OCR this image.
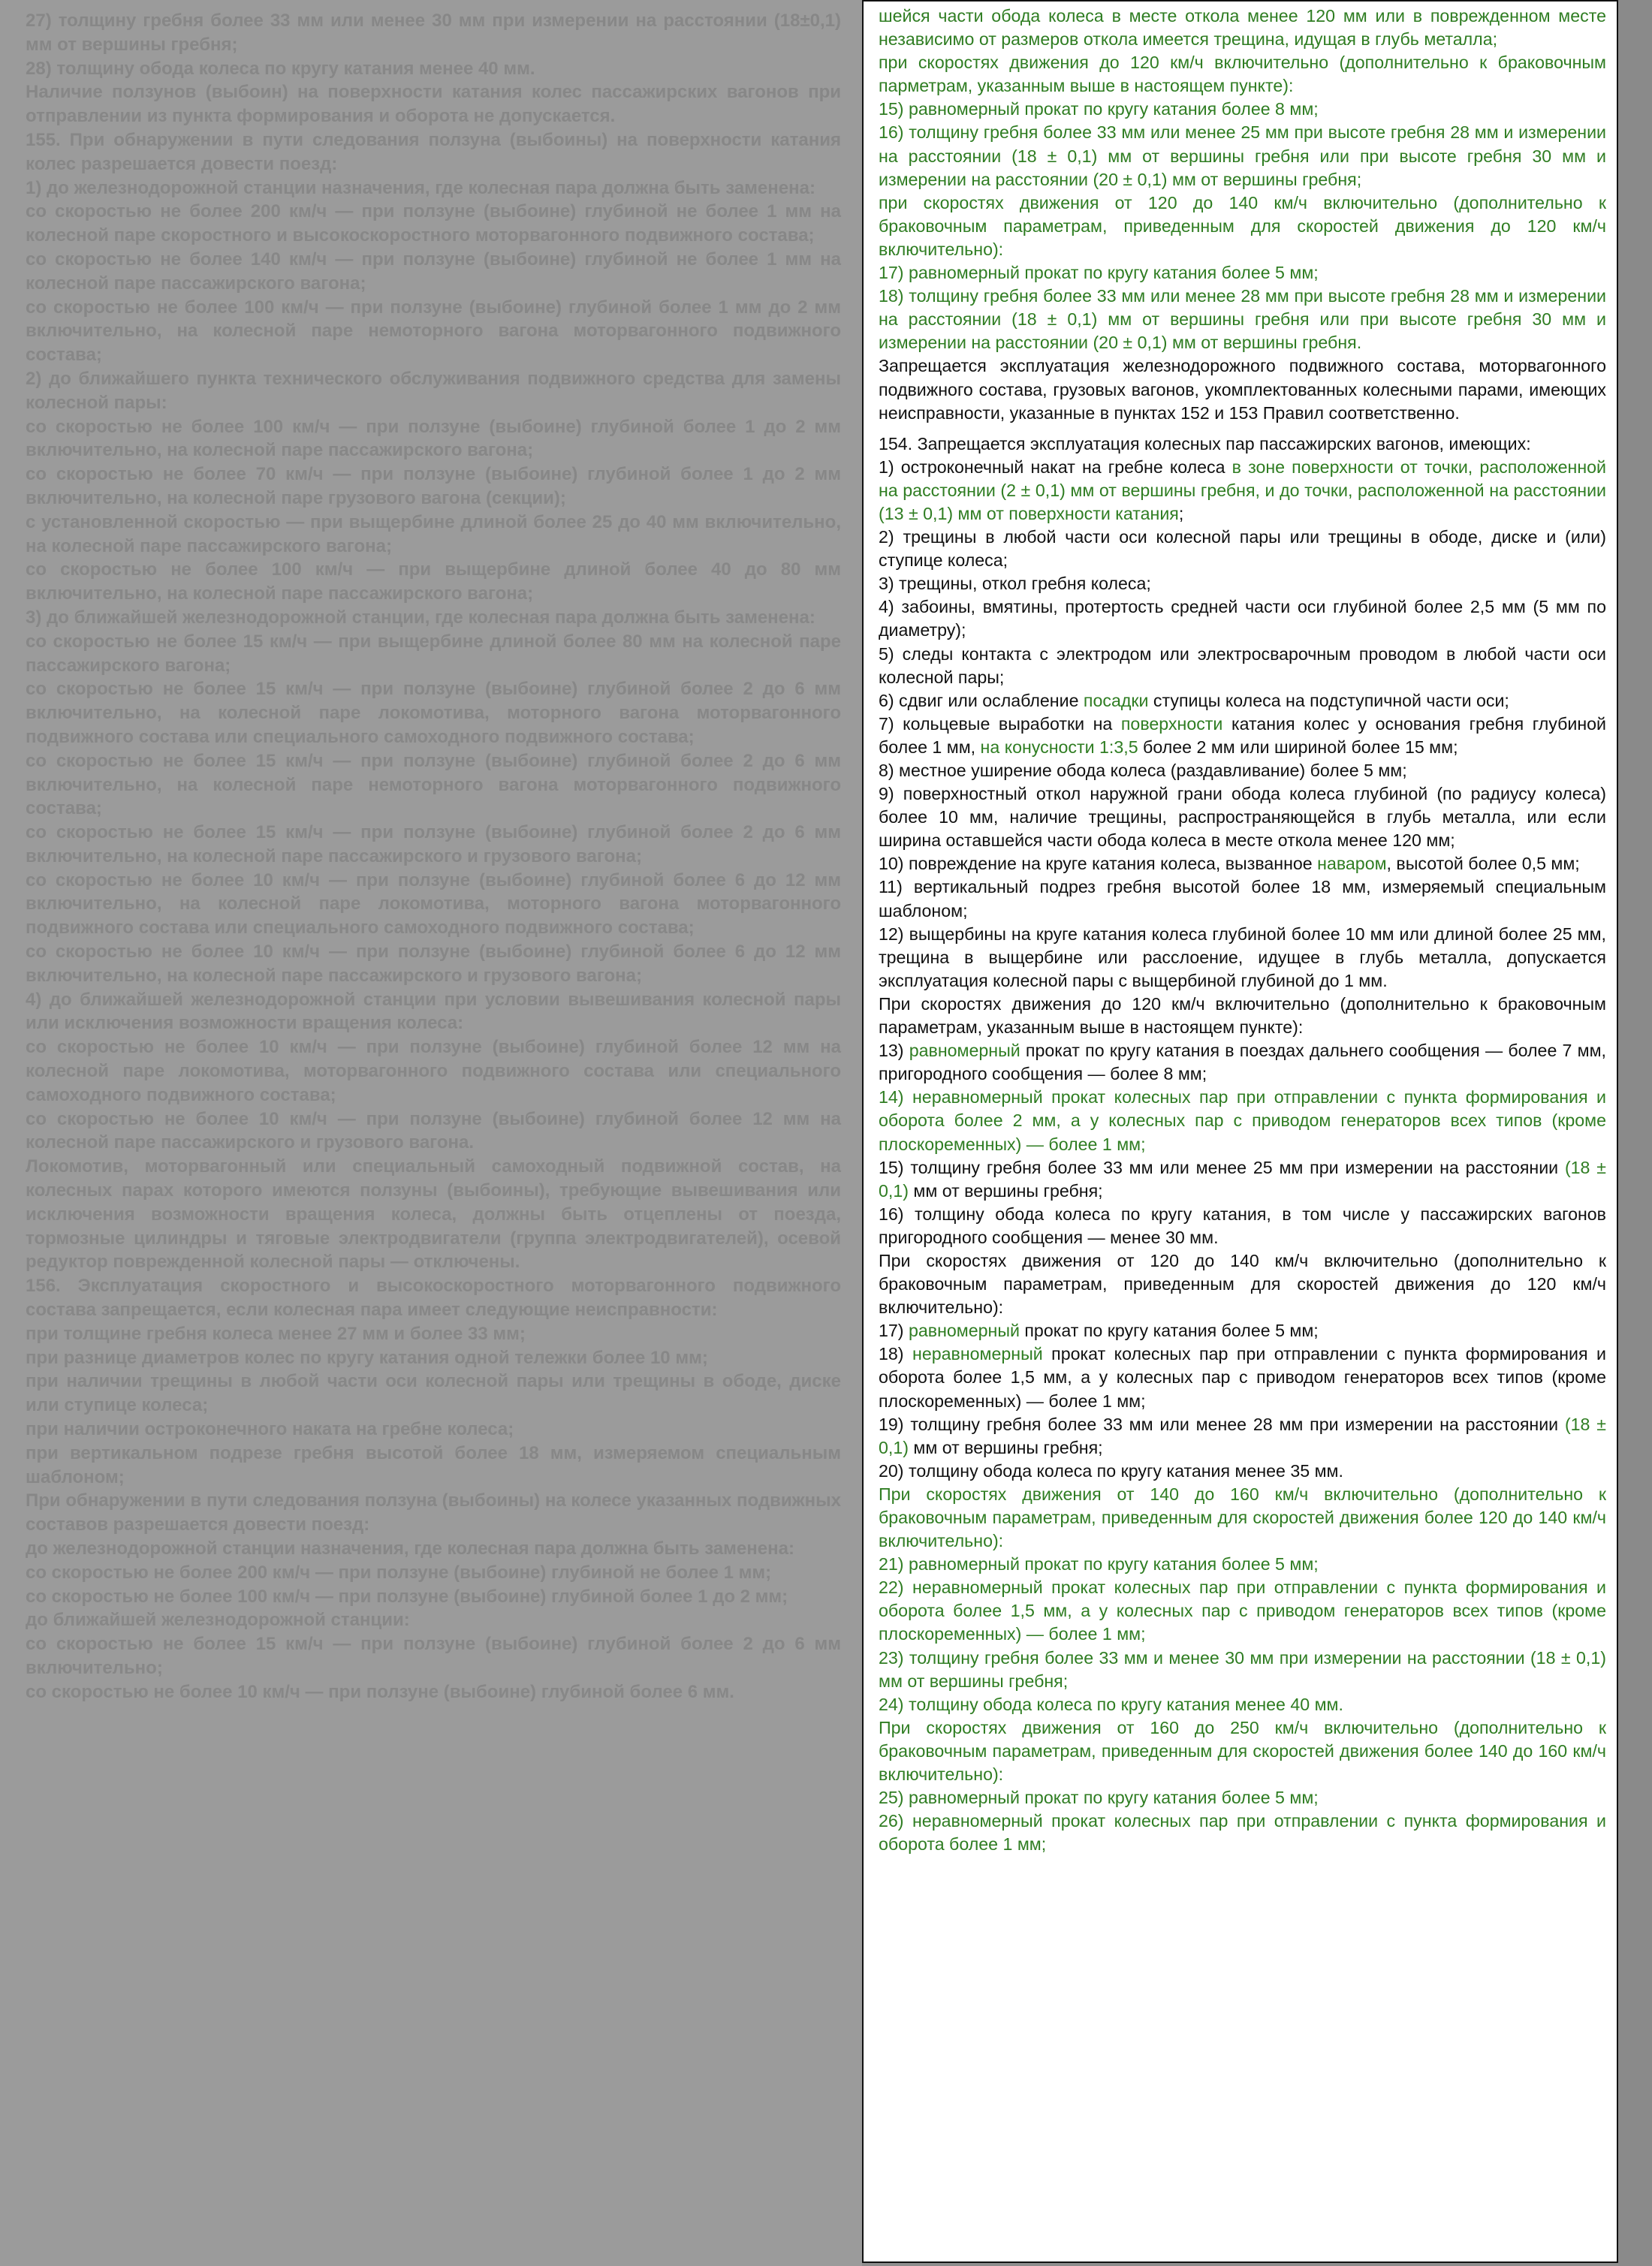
27) толщину гребня более 33 мм или менее 30 мм при измерении на расстоянии (18±0,1) мм от вершины гребня;

28) толщину обода колеса по кругу катания менее 40 мм.

Наличие ползунов (выбоин) на поверхности катания колес пассажирских вагонов при отправлении из пункта формирования и оборота не допускается.

155. При обнаружении в пути следования ползуна (выбоины) на поверхности катания колес разрешается довести поезд:

1) до железнодорожной станции назначения, где колесная пара должна быть заменена:

со скоростью не более 200 км/ч — при ползуне (выбоине) глубиной не более 1 мм на колесной паре скоростного и высокоскоростного моторвагонного подвижного состава;

со скоростью не более 140 км/ч — при ползуне (выбоине) глубиной не более 1 мм на колесной паре пассажирского вагона;

со скоростью не более 100 км/ч — при ползуне (выбоине) глубиной более 1 мм до 2 мм включительно, на колесной паре немоторного вагона моторвагонного подвижного состава;

2) до ближайшего пункта технического обслуживания подвижного средства для замены колесной пары:

со скоростью не более 100 км/ч — при ползуне (выбоине) глубиной более 1 до 2 мм включительно, на колесной паре пассажирского вагона;

со скоростью не более 70 км/ч — при ползуне (выбоине) глубиной более 1 до 2 мм включительно, на колесной паре грузового вагона (секции);

с установленной скоростью — при выщербине длиной более 25 до 40 мм включительно, на колесной паре пассажирского вагона;

со скоростью не более 100 км/ч — при выщербине длиной более 40 до 80 мм включительно, на колесной паре пассажирского вагона;

3) до ближайшей железнодорожной станции, где колесная пара должна быть заменена:

со скоростью не более 15 км/ч — при выщербине длиной более 80 мм на колесной паре пассажирского вагона;

со скоростью не более 15 км/ч — при ползуне (выбоине) глубиной более 2 до 6 мм включительно, на колесной паре локомотива, моторного вагона моторвагонного подвижного состава или специального самоходного подвижного состава;

со скоростью не более 15 км/ч — при ползуне (выбоине) глубиной более 2 до 6 мм включительно, на колесной паре немоторного вагона моторвагонного подвижного состава;

со скоростью не более 15 км/ч — при ползуне (выбоине) глубиной более 2 до 6 мм включительно, на колесной паре пассажирского и грузового вагона;

со скоростью не более 10 км/ч — при ползуне (выбоине) глубиной более 6 до 12 мм включительно, на колесной паре локомотива, моторного вагона моторвагонного подвижного состава или специального самоходного подвижного состава;

со скоростью не более 10 км/ч — при ползуне (выбоине) глубиной более 6 до 12 мм включительно, на колесной паре пассажирского и грузового вагона;

4) до ближайшей железнодорожной станции при условии вывешивания колесной пары или исключения возможности вращения колеса:

со скоростью не более 10 км/ч — при ползуне (выбоине) глубиной более 12 мм на колесной паре локомотива, моторвагонного подвижного состава или специального самоходного подвижного состава;

со скоростью не более 10 км/ч — при ползуне (выбоине) глубиной более 12 мм на колесной паре пассажирского и грузового вагона.

Локомотив, моторвагонный или специальный самоходный подвижной состав, на колесных парах которого имеются ползуны (выбоины), требующие вывешивания или исключения возможности вращения колеса, должны быть отцеплены от поезда, тормозные цилиндры и тяговые электродвигатели (группа электродвигателей), осевой редуктор поврежденной колесной пары — отключены.

156. Эксплуатация скоростного и высокоскоростного моторвагонного подвижного состава запрещается, если колесная пара имеет следующие неисправности:

при толщине гребня колеса менее 27 мм и более 33 мм;

при разнице диаметров колес по кругу катания одной тележки более 10 мм;

при наличии трещины в любой части оси колесной пары или трещины в ободе, диске или ступице колеса;

при наличии остроконечного наката на гребне колеса;

при вертикальном подрезе гребня высотой более 18 мм, измеряемом специальным шаблоном;

При обнаружении в пути следования ползуна (выбоины) на колесе указанных подвижных составов разрешается довести поезд:

до железнодорожной станции назначения, где колесная пара должна быть заменена:

со скоростью не более 200 км/ч — при ползуне (выбоине) глубиной не более 1 мм;

со скоростью не более 100 км/ч — при ползуне (выбоине) глубиной более 1 до 2 мм;

до ближайшей железнодорожной станции:

со скоростью не более 15 км/ч — при ползуне (выбоине) глубиной более 2 до 6 мм включительно;

со скоростью не более 10 км/ч — при ползуне (выбоине) глубиной более 6 мм.

шейся части обода колеса в месте откола менее 120 мм или в поврежденном месте независимо от размеров откола имеется трещина, идущая в глубь металла;

при скоростях движения до 120 км/ч включительно (дополнительно к браковочным парметрам, указанным выше в настоящем пункте):

15) равномерный прокат по кругу катания более 8 мм;

16) толщину гребня более 33 мм или менее 25 мм при высоте гребня 28 мм и измерении на расстоянии (18 ± 0,1) мм от вершины гребня или при высоте гребня 30 мм и измерении на расстоянии (20 ± 0,1) мм от вершины гребня;

при скоростях движения от 120 до 140 км/ч включительно (дополнительно к браковочным параметрам, приведенным для скоростей движения до 120 км/ч включительно):

17) равномерный прокат по кругу катания более 5 мм;

18) толщину гребня более 33 мм или менее 28 мм при высоте гребня 28 мм и измерении на расстоянии (18 ± 0,1) мм от вершины гребня или при высоте гребня 30 мм и измерении на расстоянии (20 ± 0,1) мм от вершины гребня.

Запрещается эксплуатация железнодорожного подвижного состава, моторвагонного подвижного состава, грузовых вагонов, укомплектованных колесными парами, имеющих неисправности, указанные в пунктах 152 и 153 Правил соответственно.

154. Запрещается эксплуатация колесных пар пассажирских вагонов, имеющих:

1) остроконечный накат на гребне колеса в зоне поверхности от точки, расположенной на расстоянии (2 ± 0,1) мм от вершины гребня, и до точки, расположенной на расстоянии (13 ± 0,1) мм от поверхности катания;

2) трещины в любой части оси колесной пары или трещины в ободе, диске и (или) ступице колеса;

3) трещины, откол гребня колеса;

4) забоины, вмятины, протертость средней части оси глубиной более 2,5 мм (5 мм по диаметру);

5) следы контакта с электродом или электросварочным проводом в любой части оси колесной пары;

6) сдвиг или ослабление посадки ступицы колеса на подступичной части оси;

7) кольцевые выработки на поверхности катания колес у основания гребня глубиной более 1 мм, на конусности 1:3,5 более 2 мм или шириной более 15 мм;

8) местное уширение обода колеса (раздавливание) более 5 мм;

9) поверхностный откол наружной грани обода колеса глубиной (по радиусу колеса) более 10 мм, наличие трещины, распространяющейся в глубь металла, или если ширина оставшейся части обода колеса в месте откола менее 120 мм;

10) повреждение на круге катания колеса, вызванное наваром, высотой более 0,5 мм;

11) вертикальный подрез гребня высотой более 18 мм, измеряемый специальным шаблоном;

12) выщербины на круге катания колеса глубиной более 10 мм или длиной более 25 мм, трещина в выщербине или расслоение, идущее в глубь металла, допускается эксплуатация колесной пары с выщербиной глубиной до 1 мм.

При скоростях движения до 120 км/ч включительно (дополнительно к браковочным параметрам, указанным выше в настоящем пункте):

13) равномерный прокат по кругу катания в поездах дальнего сообщения — более 7 мм, пригородного сообщения — более 8 мм;

14) неравномерный прокат колесных пар при отправлении с пункта формирования и оборота более 2 мм, а у колесных пар с приводом генераторов всех типов (кроме плоскоременных) — более 1 мм;

15) толщину гребня более 33 мм или менее 25 мм при измерении на расстоянии (18 ± 0,1) мм от вершины гребня;

16) толщину обода колеса по кругу катания, в том числе у пассажирских вагонов пригородного сообщения — менее 30 мм.

При скоростях движения от 120 до 140 км/ч включительно (дополнительно к браковочным параметрам, приведенным для скоростей движения до 120 км/ч включительно):

17) равномерный прокат по кругу катания более 5 мм;

18) неравномерный прокат колесных пар при отправлении с пункта формирования и оборота более 1,5 мм, а у колесных пар с приводом генераторов всех типов (кроме плоскоременных) — более 1 мм;

19) толщину гребня более 33 мм или менее 28 мм при измерении на расстоянии (18 ± 0,1) мм от вершины гребня;

20) толщину обода колеса по кругу катания менее 35 мм.

При скоростях движения от 140 до 160 км/ч включительно (дополнительно к браковочным параметрам, приведенным для скоростей движения более 120 до 140 км/ч включительно):

21) равномерный прокат по кругу катания более 5 мм;

22) неравномерный прокат колесных пар при отправлении с пункта формирования и оборота более 1,5 мм, а у колесных пар с приводом генераторов всех типов (кроме плоскоременных) — более 1 мм;

23) толщину гребня более 33 мм и менее 30 мм при измерении на расстоянии (18 ± 0,1) мм от вершины гребня;

24) толщину обода колеса по кругу катания менее 40 мм.

При скоростях движения от 160 до 250 км/ч включительно (дополнительно к браковочным параметрам, приведенным для скоростей движения более 140 до 160 км/ч включительно):

25) равномерный прокат по кругу катания более 5 мм;

26) неравномерный прокат колесных пар при отправлении с пункта формирования и оборота более 1 мм;
